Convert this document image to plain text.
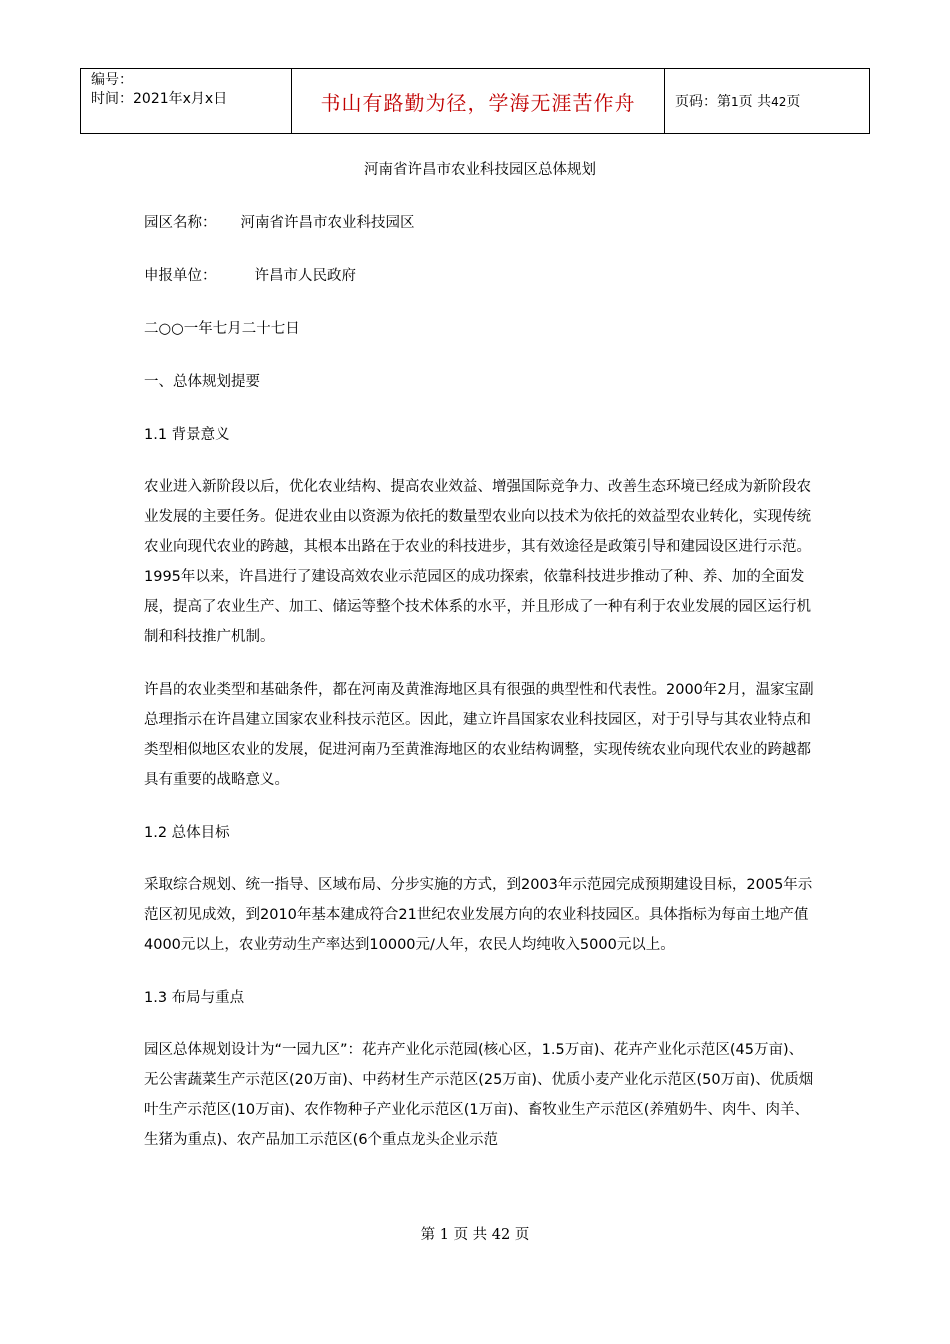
编号：
时间：2021年x月x日	书山有路勤为径，学海无涯苦作舟	页码：第1页 共42页

河南省许昌市农业科技园区总体规划

园区名称： 河南省许昌市农业科技园区

申报单位：	许昌市人民政府

二○○一年七月二十七日

一、总体规划提要

1.1 背景意义

农业进入新阶段以后，优化农业结构、提高农业效益、增强国际竞争力、改善生态环境已经成为新阶段农业发展的主要任务。促进农业由以资源为依托的数量型农业向以技术为依托的效益型农业转化，实现传统农业向现代农业的跨越，其根本出路在于农业的科技进步，其有效途径是政策引导和建园设区进行示范。1995年以来，许昌进行了建设高效农业示范园区的成功探索，依靠科技进步推动了种、养、加的全面发展，提高了农业生产、加工、储运等整个技术体系的水平，并且形成了一种有利于农业发展的园区运行机制和科技推广机制。

许昌的农业类型和基础条件，都在河南及黄淮海地区具有很强的典型性和代表性。2000年2月，温家宝副总理指示在许昌建立国家农业科技示范区。因此，建立许昌国家农业科技园区，对于引导与其农业特点和类型相似地区农业的发展，促进河南乃至黄淮海地区的农业结构调整，实现传统农业向现代农业的跨越都具有重要的战略意义。

1.2 总体目标

采取综合规划、统一指导、区域布局、分步实施的方式，到2003年示范园完成预期建设目标，2005年示范区初见成效，到2010年基本建成符合21世纪农业发展方向的农业科技园区。具体指标为每亩土地产值4000元以上，农业劳动生产率达到10000元/人年，农民人均纯收入5000元以上。

1.3 布局与重点

园区总体规划设计为“一园九区”：花卉产业化示范园(核心区，1.5万亩)、花卉产业化示范区(45万亩)、无公害蔬菜生产示范区(20万亩)、中药材生产示范区(25万亩)、优质小麦产业化示范区(50万亩)、优质烟叶生产示范区(10万亩)、农作物种子产业化示范区(1万亩)、畜牧业生产示范区(养殖奶牛、肉牛、肉羊、生猪为重点)、农产品加工示范区(6个重点龙头企业示范

第 1 页 共 42 页
